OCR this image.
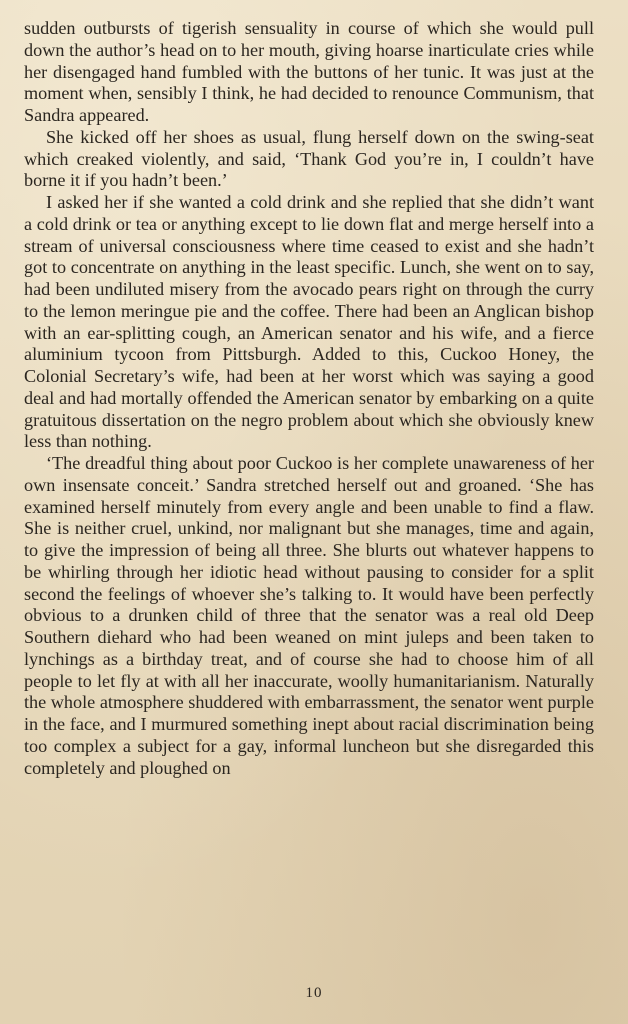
sudden outbursts of tigerish sensuality in course of which she would pull down the author’s head on to her mouth, giving hoarse inarticulate cries while her disengaged hand fumbled with the buttons of her tunic. It was just at the moment when, sensibly I think, he had decided to renounce Communism, that Sandra appeared.

She kicked off her shoes as usual, flung herself down on the swing-seat which creaked violently, and said, ‘Thank God you’re in, I couldn’t have borne it if you hadn’t been.’

I asked her if she wanted a cold drink and she replied that she didn’t want a cold drink or tea or anything except to lie down flat and merge herself into a stream of universal consciousness where time ceased to exist and she hadn’t got to concentrate on anything in the least specific. Lunch, she went on to say, had been undiluted misery from the avocado pears right on through the curry to the lemon meringue pie and the coffee. There had been an Anglican bishop with an ear-splitting cough, an American senator and his wife, and a fierce aluminium tycoon from Pittsburgh. Added to this, Cuckoo Honey, the Colonial Secretary’s wife, had been at her worst which was saying a good deal and had mortally offended the American senator by embarking on a quite gratuitous dissertation on the negro problem about which she obviously knew less than nothing.

‘The dreadful thing about poor Cuckoo is her complete unawareness of her own insensate conceit.’ Sandra stretched herself out and groaned. ‘She has examined herself minutely from every angle and been unable to find a flaw. She is neither cruel, unkind, nor malignant but she manages, time and again, to give the impression of being all three. She blurts out whatever happens to be whirling through her idiotic head without pausing to consider for a split second the feelings of whoever she’s talking to. It would have been perfectly obvious to a drunken child of three that the senator was a real old Deep Southern diehard who had been weaned on mint juleps and been taken to lynchings as a birthday treat, and of course she had to choose him of all people to let fly at with all her inaccurate, woolly humanitarianism. Naturally the whole atmosphere shuddered with embarrassment, the senator went purple in the face, and I murmured something inept about racial discrimination being too complex a subject for a gay, informal luncheon but she disregarded this completely and ploughed on

10
